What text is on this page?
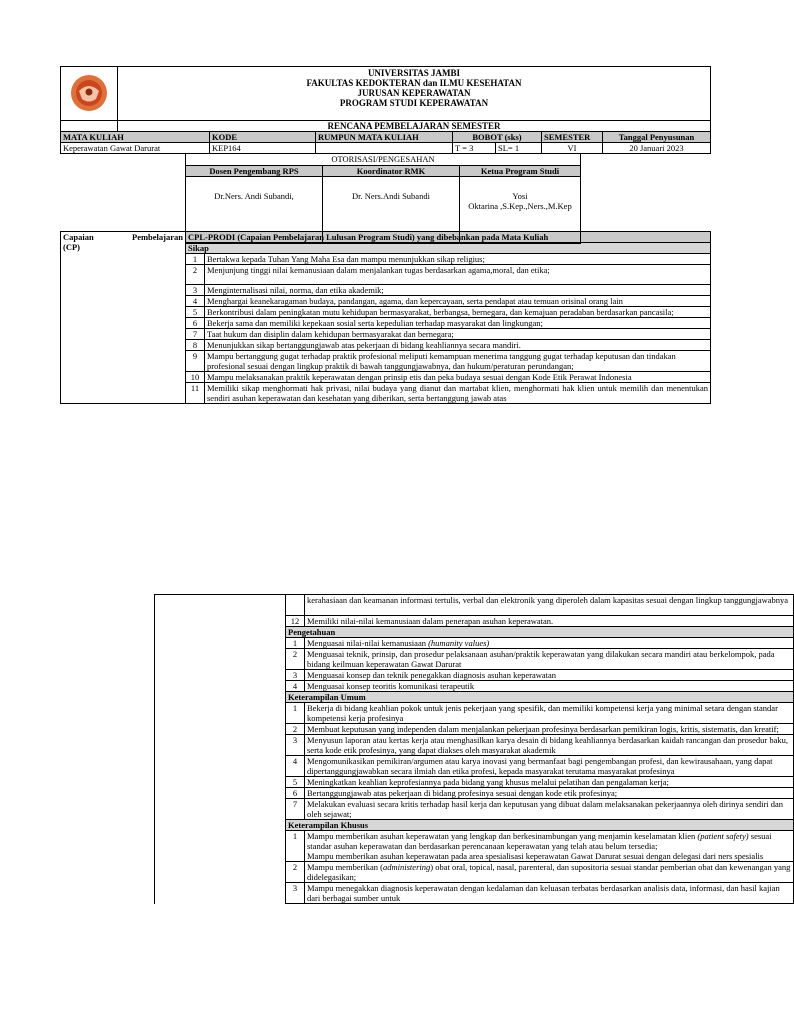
UNIVERSITAS JAMBI
FAKULTAS KEDOKTERAN dan ILMU KESEHATAN
JURUSAN KEPERAWATAN
PROGRAM STUDI KEPERAWATAN

	RENCANA PEMBELAJARAN SEMESTER
MATA KULIAH	KODE	RUMPUN MATA KULIAH	BOBOT (sks)		SEMESTER	Tanggal Penyusunan
Keperawatan Gawat Darurat	KEP164		T = 3	SL= 1	VI	20 Januari 2023
OTORISASI/PENGESAHAN		
Dosen Pengembang RPS	Koordinator RMK	Ketua Program Studi
Dr.Ners. Andi Subandi,	Dr. Ners.Andi Subandi	Yosi
Oktarina ,S.Kep.,Ners.,M.Kep
Capaian Pembelajaran
(CP)	CPL-PRODI (Capaian Pembelajaran Lulusan Program Studi) yang dibebankan pada Mata Kuliah	
	Sikap	
	1	Bertakwa kepada Tuhan Yang Maha Esa dan mampu menunjukkan sikap religius;
	2	Menjunjung tinggi nilai kemanusiaan dalam menjalankan tugas berdasarkan agama,moral, dan etika;
	3	Menginternalisasi nilai, norma, dan etika akademik;
	4	Menghargai keanekaragaman budaya, pandangan, agama, dan kepercayaan, serta pendapat atau temuan orisinal orang lain
	5	Berkontribusi dalam peningkatan mutu kehidupan bermasyarakat, berbangsa, bernegara, dan kemajuan peradaban berdasarkan pancasila;
	6	Bekerja sama dan memiliki kepekaan sosial serta kepedulian terhadap masyarakat dan lingkungan;
	7	Taat hukum dan disiplin dalam kehidupan bermasyarakat dan bernegara;
	8	Menunjukkan sikap bertanggungjawab atas pekerjaan di bidang keahliannya secara mandiri.
	9	Mampu bertanggung gugat terhadap praktik profesional meliputi kemampuan menerima tanggung gugat terhadap keputusan dan tindakan profesional sesuai dengan lingkup praktik di bawah tanggungjawabnya, dan hukum/peraturan perundangan;
	10	Mampu melaksanakan praktik keperawatan dengan prinsip etis dan peka budaya sesuai dengan Kode Etik Perawat Indonesia
	11	Memiliki sikap menghormati hak privasi, nilai budaya yang dianut dan martabat klien, menghormati hak klien untuk memilih dan menentukan sendiri asuhan keperawatan dan kesehatan yang diberikan, serta bertanggung jawab atas
		kerahasiaan dan keamanan informasi tertulis, verbal dan elektronik yang diperoleh dalam kapasitas sesuai dengan lingkup tanggungjawabnya
	12	Memiliki nilai-nilai kemanusiaan dalam penerapan asuhan keperawatan.
	Pengetahuan	
	1	Menguasai nilai-nilai kemanusiaan (humanity values)
	2	Menguasai teknik, prinsip, dan prosedur pelaksanaan asuhan/praktik keperawatan yang dilakukan secara mandiri atau berkelompok, pada bidang keilmuan keperawatan Gawat Darurat
	3	Menguasai konsep dan teknik penegakkan diagnosis asuhan keperawatan
	4	Menguasai konsep teoritis komunikasi terapeutik
	Keterampilan Umum	
	1	Bekerja di bidang keahlian pokok untuk jenis pekerjaan yang spesifik, dan memiliki kompetensi kerja yang minimal setara dengan standar kompetensi kerja profesinya
	2	Membuat keputusan yang independen dalam menjalankan pekerjaan profesinya berdasarkan pemikiran logis, kritis, sistematis, dan kreatif;
	3	Menyusun laporan atau kertas kerja atau menghasilkan karya desain di bidang keahliannya berdasarkan kaidah rancangan dan prosedur baku, serta kode etik profesinya, yang dapat diakses oleh masyarakat akademik
	4	Mengomunikasikan pemikiran/argumen atau karya inovasi yang bermanfaat bagi pengembangan profesi, dan kewirausahaan, yang dapat dipertanggungjawabkan secara ilmiah dan etika profesi, kepada masyarakat terutama masyarakat profesinya
	5	Meningkatkan keahlian keprofesiannya pada bidang yang khusus melalui pelatihan dan pengalaman kerja;
	6	Bertanggungjawab atas pekerjaan di bidang profesinya sesuai dengan kode etik profesinya;
	7	Melakukan evaluasi secara kritis terhadap hasil kerja dan keputusan yang dibuat dalam melaksanakan pekerjaannya oleh dirinya sendiri dan oleh sejawat;
	Keterampilan Khusus	
	1	Mampu memberikan asuhan keperawatan yang lengkap dan berkesinambungan yang menjamin keselamatan klien (patient safety) sesuai standar asuhan keperawatan dan berdasarkan perencanaan keperawatan yang telah atau belum tersedia;
Mampu memberikan asuhan keperawatan pada area spesialisasi keperawatan Gawat Darurat sesuai dengan delegasi dari ners spesialis

	2	Mampu memberikan (administering) obat oral, topical, nasal, parenteral, dan supositoria sesuai standar pemberian obat dan kewenangan yang didelegasikan;
	3	Mampu menegakkan diagnosis keperawatan dengan kedalaman dan keluasan terbatas berdasarkan analisis data, informasi, dan hasil kajian dari berbagai sumber untuk
